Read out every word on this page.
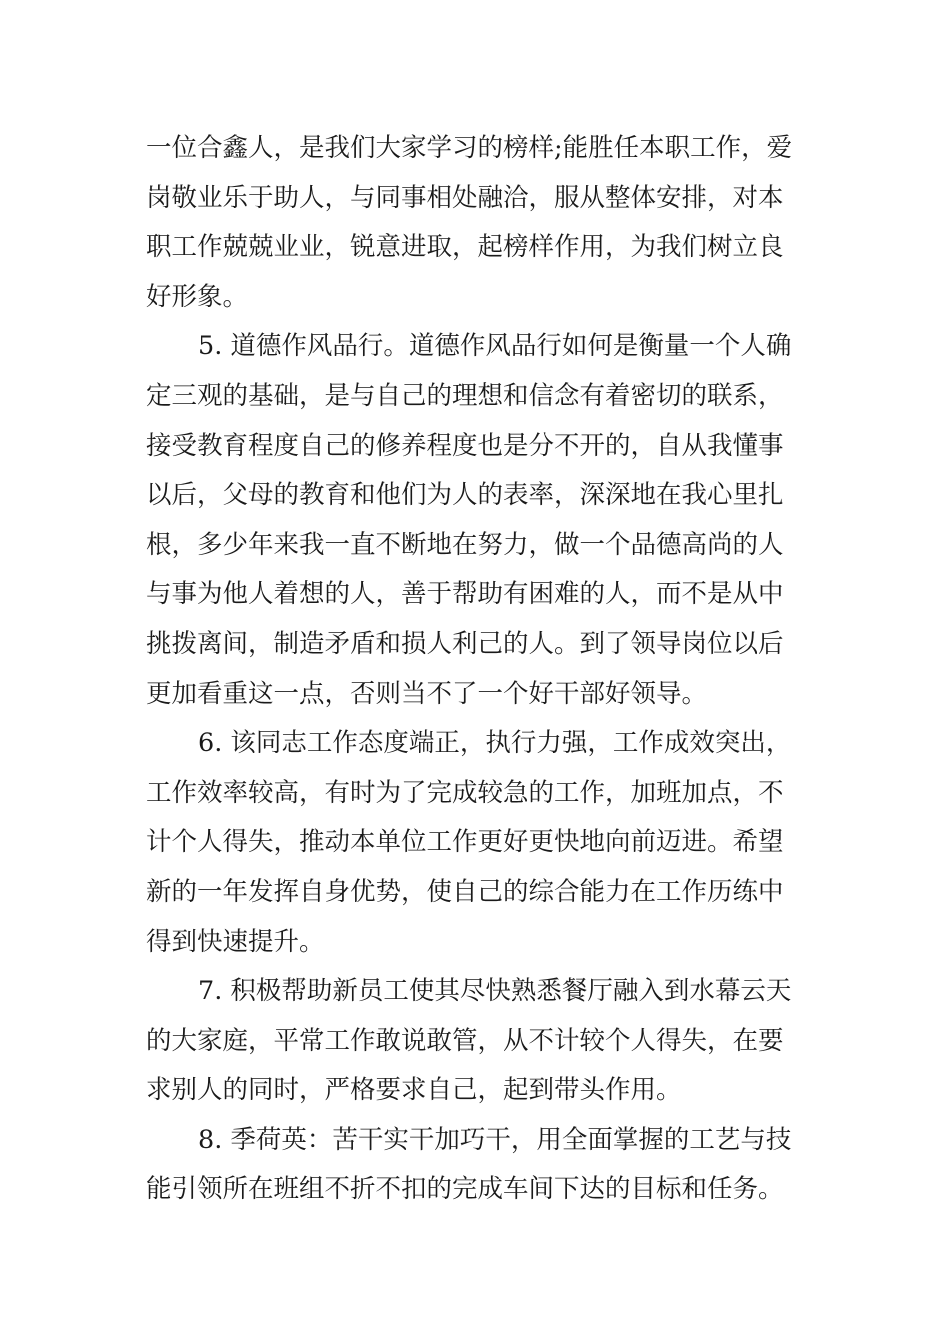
一位合鑫人，是我们大家学习的榜样;能胜任本职工作，爱
岗敬业乐于助人，与同事相处融洽，服从整体安排，对本
职工作兢兢业业，锐意进取，起榜样作用，为我们树立良
好形象。
5. 道德作风品行。道德作风品行如何是衡量一个人确
定三观的基础，是与自己的理想和信念有着密切的联系，
接受教育程度自己的修养程度也是分不开的，自从我懂事
以后，父母的教育和他们为人的表率，深深地在我心里扎
根，多少年来我一直不断地在努力，做一个品德高尚的人
与事为他人着想的人，善于帮助有困难的人，而不是从中
挑拨离间，制造矛盾和损人利己的人。到了领导岗位以后
更加看重这一点，否则当不了一个好干部好领导。
6. 该同志工作态度端正，执行力强，工作成效突出，
工作效率较高，有时为了完成较急的工作，加班加点，不
计个人得失，推动本单位工作更好更快地向前迈进。希望
新的一年发挥自身优势，使自己的综合能力在工作历练中
得到快速提升。
7. 积极帮助新员工使其尽快熟悉餐厅融入到水幕云天
的大家庭，平常工作敢说敢管，从不计较个人得失，在要
求别人的同时，严格要求自己，起到带头作用。
8. 季荷英：苦干实干加巧干，用全面掌握的工艺与技
能引领所在班组不折不扣的完成车间下达的目标和任务。
